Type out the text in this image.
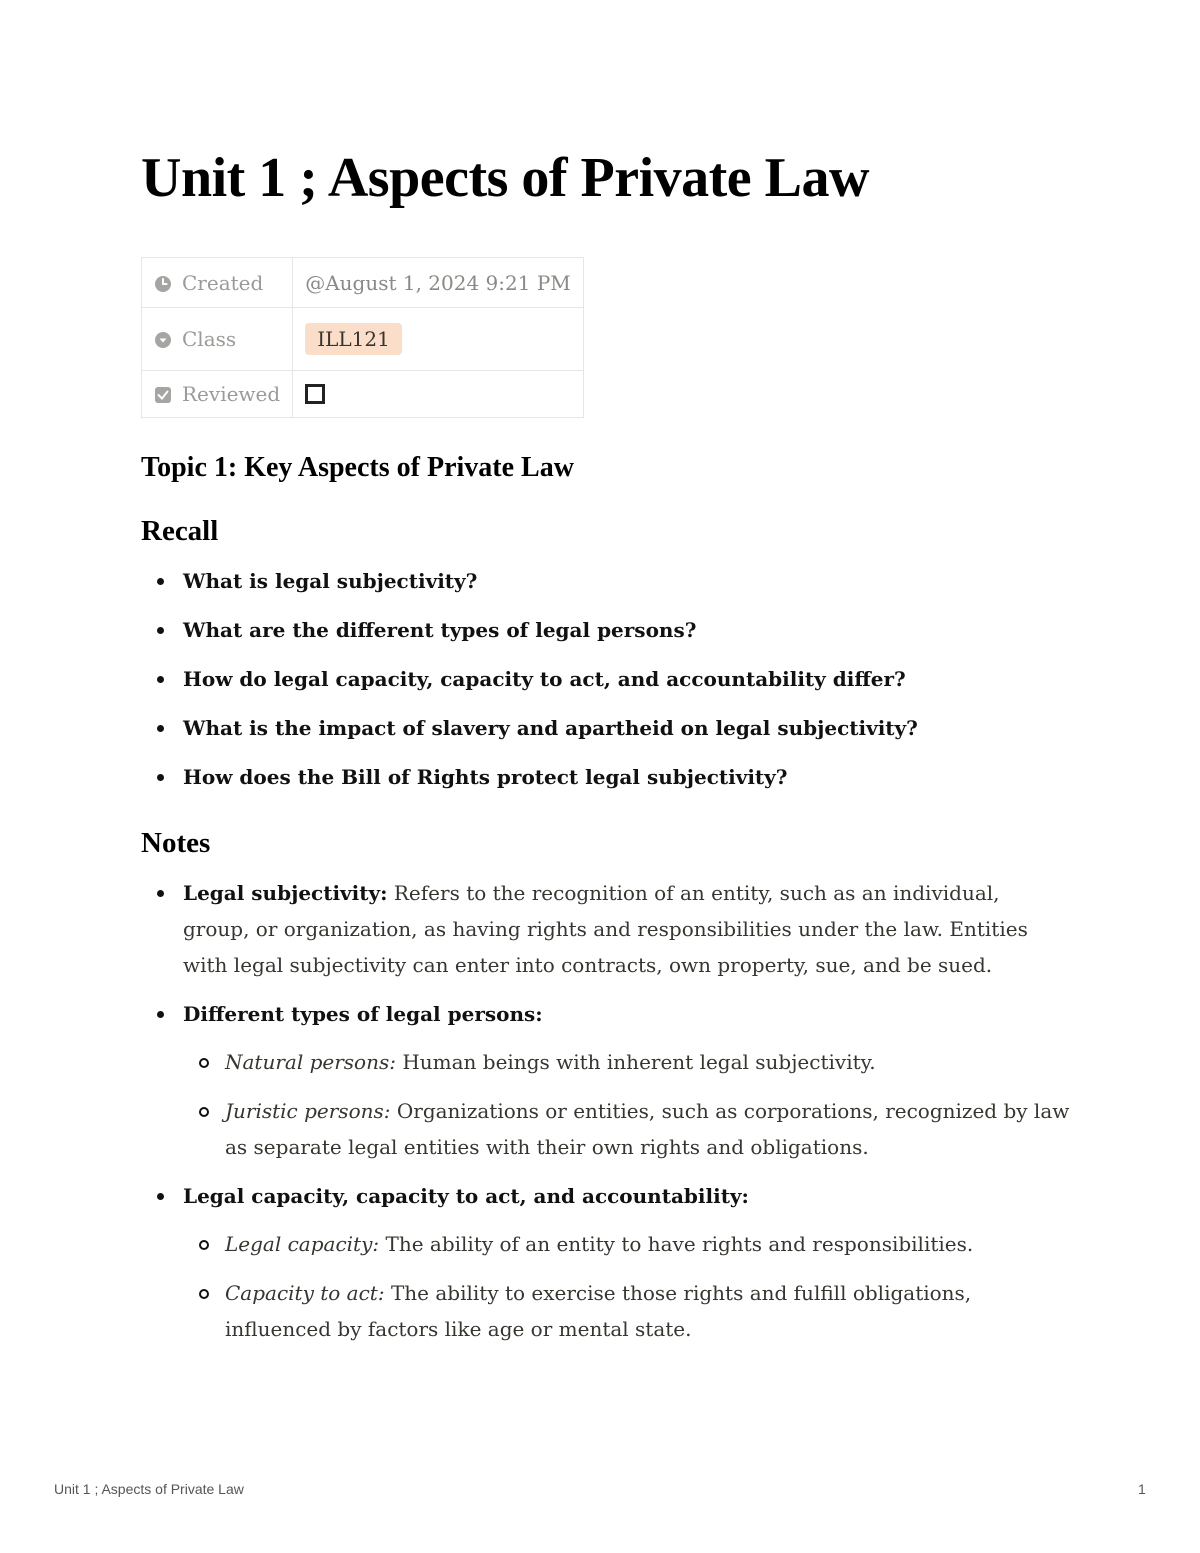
Unit 1 ; Aspects of Private Law
Created	@August 1, 2024 9:21 PM
Class	ILL121
Reviewed	
Topic 1: Key Aspects of Private Law
Recall
What is legal subjectivity?
What are the different types of legal persons?
How do legal capacity, capacity to act, and accountability differ?
What is the impact of slavery and apartheid on legal subjectivity?
How does the Bill of Rights protect legal subjectivity?
Notes
Legal subjectivity: Refers to the recognition of an entity, such as an individual, group, or organization, as having rights and responsibilities under the law. Entities with legal subjectivity can enter into contracts, own property, sue, and be sued.
Different types of legal persons:
Natural persons: Human beings with inherent legal subjectivity.
Juristic persons: Organizations or entities, such as corporations, recognized by law as separate legal entities with their own rights and obligations.
Legal capacity, capacity to act, and accountability:
Legal capacity: The ability of an entity to have rights and responsibilities.
Capacity to act: The ability to exercise those rights and fulfill obligations, influenced by factors like age or mental state.
Unit 1 ; Aspects of Private Law	1
